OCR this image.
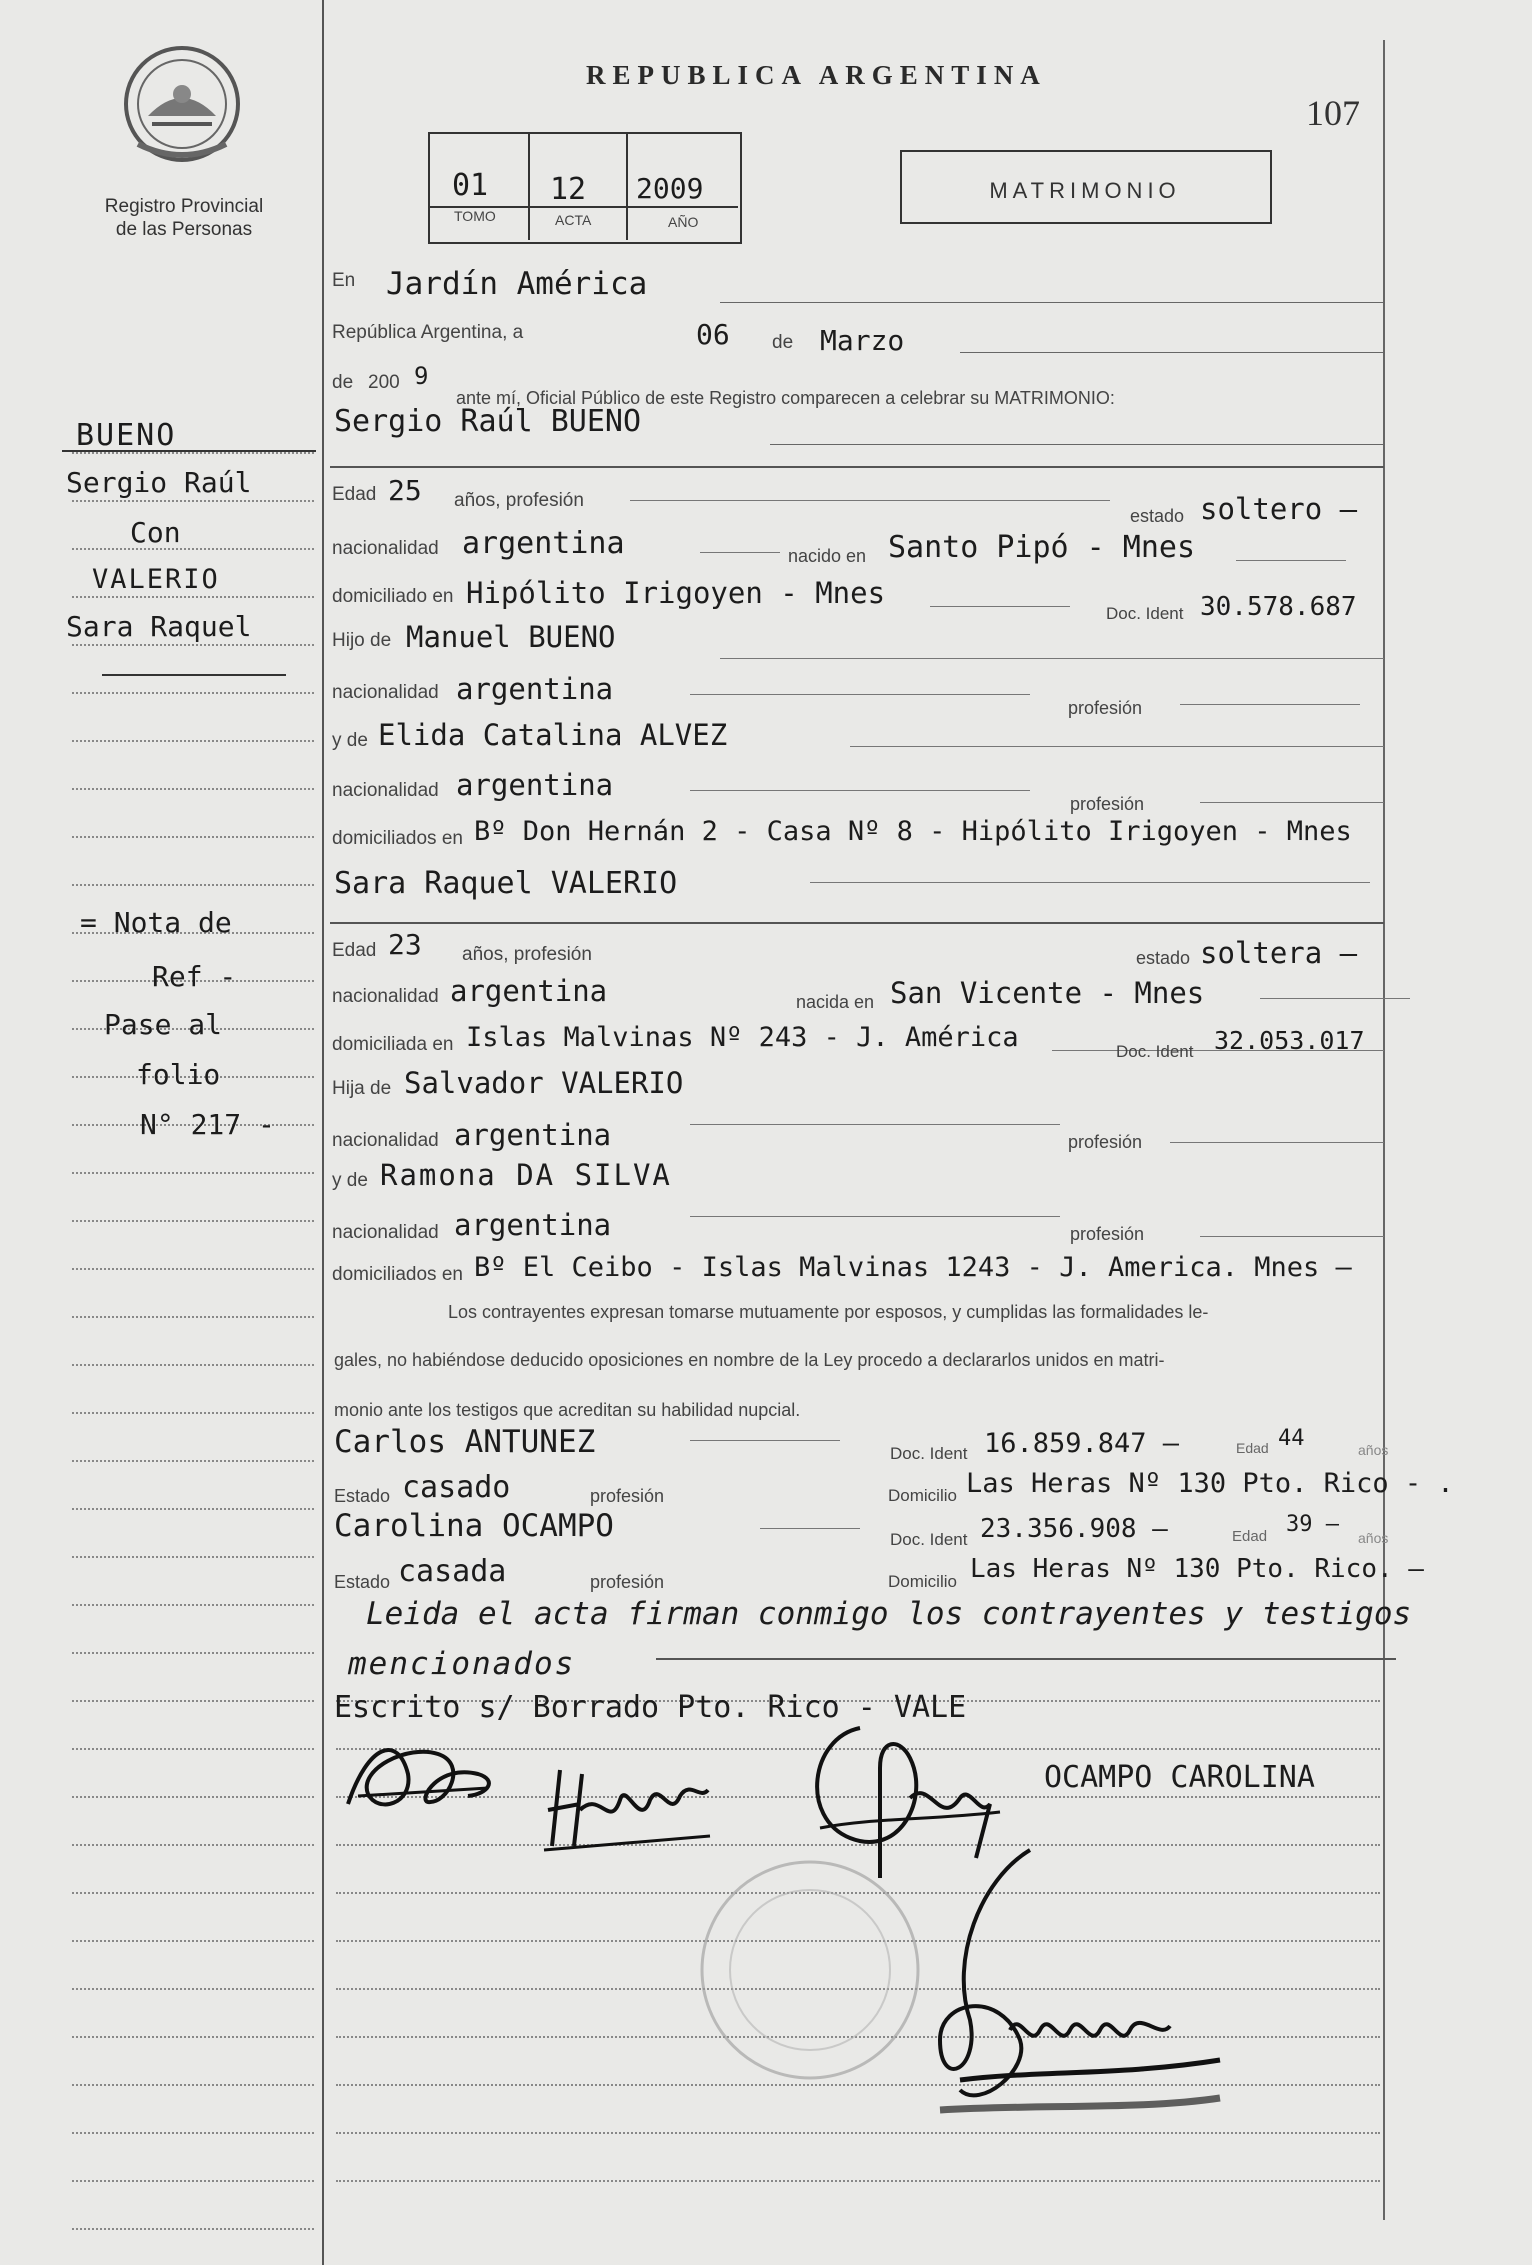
Registro Provincial
de las Personas
REPUBLICA ARGENTINA
107
01 12 2009
TOMO	ACTA	AÑO
MATRIMONIO
BUENO
Sergio Raúl
Con
VALERIO
Sara Raquel
= Nota de
Ref -
Pase al
folio
N° 217 -
En Jardín América
República Argentina, a	06 de Marzo
de 200 9
ante mí, Oficial Público de este Registro comparecen a celebrar su MATRIMONIO:
Sergio Raúl BUENO
Edad 25 años, profesión
estado soltero —
nacionalidad argentina	nacido en Santo Pipó - Mnes
domiciliado en Hipólito Irigoyen - Mnes
Doc. Ident 30.578.687
Hijo de Manuel BUENO
nacionalidad argentina
profesión
y de Elida Catalina ALVEZ
nacionalidad argentina
profesión
domiciliados en Bº Don Hernán 2 - Casa Nº 8 - Hipólito Irigoyen - Mnes
Sara Raquel VALERIO
Edad 23 años, profesión	estado soltera —
nacionalidad argentina	nacida en San Vicente - Mnes
domiciliada en Islas Malvinas Nº 243 - J. América	Doc. Ident 32.053.017
Hija de Salvador VALERIO
nacionalidad argentina	profesión
y de Ramona DA SILVA
nacionalidad argentina	profesión
domiciliados en Bº El Ceibo - Islas Malvinas 1243 - J. America. Mnes —
Los contrayentes expresan tomarse mutuamente por esposos, y cumplidas las formalidades le-
gales, no habiéndose deducido oposiciones en nombre de la Ley procedo a declararlos unidos en matri-
monio ante los testigos que acreditan su habilidad nupcial.
Carlos ANTUNEZ	Doc. Ident 16.859.847 —	Edad 44	años
Estado casado	profesión	Domicilio Las Heras Nº 130 Pto. Rico - .
Carolina OCAMPO	Doc. Ident 23.356.908 —	Edad 39 —
años
Estado casada	profesión	Domicilio Las Heras Nº 130 Pto. Rico. —
Leida el acta firman conmigo los contrayentes y testigos
mencionados
Escrito s/ Borrado Pto. Rico - VALE
OCAMPO CAROLINA
